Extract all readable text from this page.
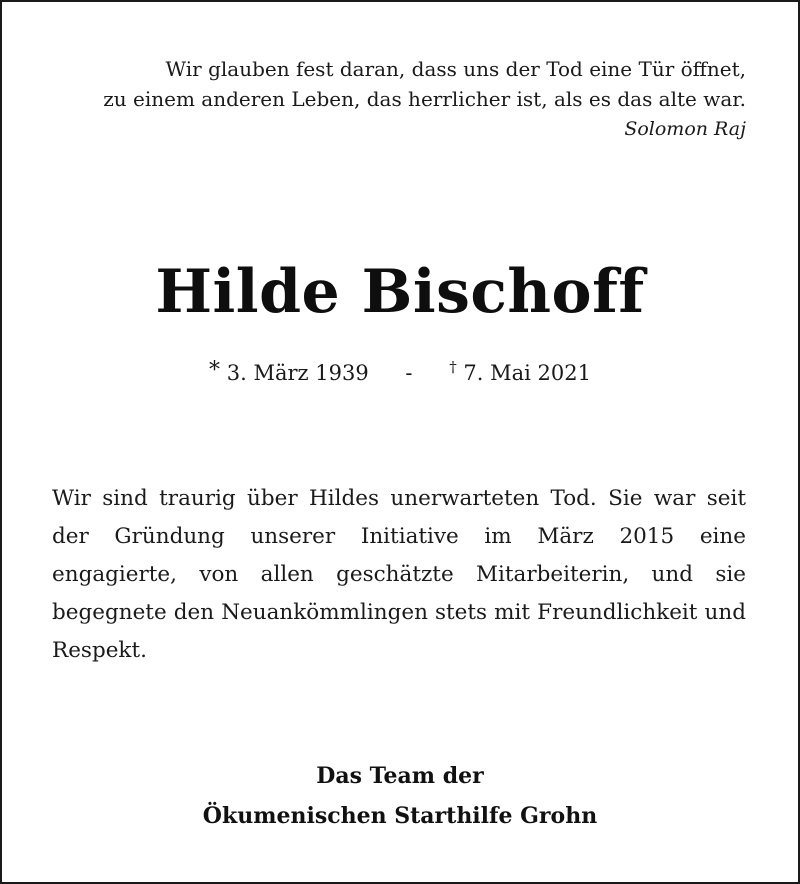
Wir glauben fest daran, dass uns der Tod eine Tür öffnet,
zu einem anderen Leben, das herrlicher ist, als es das alte war.
Solomon Raj
Hilde Bischoff
* 3. März 1939 - † 7. Mai 2021
Wir sind traurig über Hildes unerwarteten Tod. Sie war seit der Gründung unserer Initiative im März 2015 eine engagierte, von allen geschätzte Mitarbeiterin, und sie begegnete den Neuankömmlingen stets mit Freundlichkeit und Respekt.
Das Team der
Ökumenischen Starthilfe Grohn
